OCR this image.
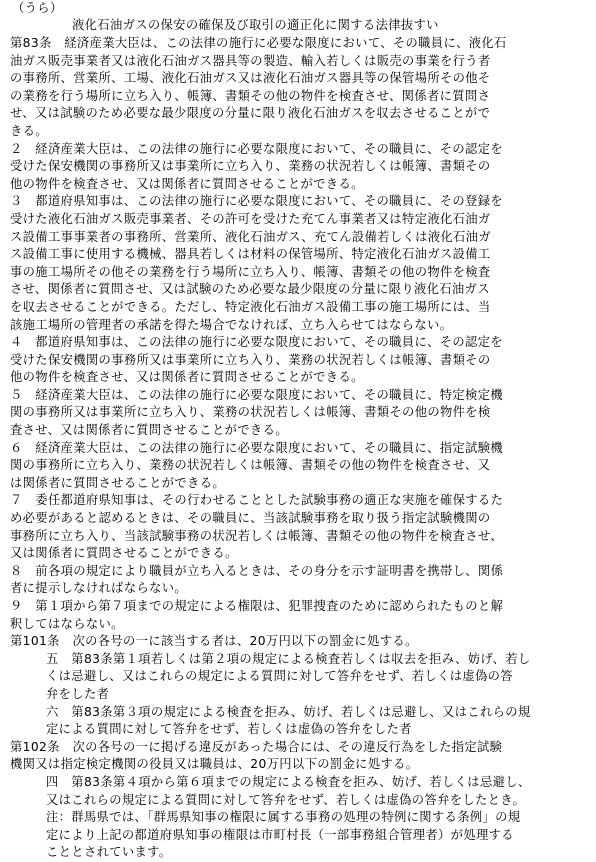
（うら）
液化石油ガスの保安の確保及び取引の適正化に関する法律抜すい
第83条　経済産業大臣は、この法律の施行に必要な限度において、その職員に、液化石
油ガス販売事業者又は液化石油ガス器具等の製造、輸入若しくは販売の事業を行う者
の事務所、営業所、工場、液化石油ガス又は液化石油ガス器具等の保管場所その他そ
の業務を行う場所に立ち入り、帳簿、書類その他の物件を検査させ、関係者に質問さ
せ、又は試験のため必要な最少限度の分量に限り液化石油ガスを収去させることがで
きる。
２　経済産業大臣は、この法律の施行に必要な限度において、その職員に、その認定を
受けた保安機関の事務所又は事業所に立ち入り、業務の状況若しくは帳簿、書類その
他の物件を検査させ、又は関係者に質問させることができる。
３　都道府県知事は、この法律の施行に必要な限度において、その職員に、その登録を
受けた液化石油ガス販売事業者、その許可を受けた充てん事業者又は特定液化石油ガ
ス設備工事事業者の事務所、営業所、液化石油ガス、充てん設備若しくは液化石油ガ
ス設備工事に使用する機械、器具若しくは材料の保管場所、特定液化石油ガス設備工
事の施工場所その他その業務を行う場所に立ち入り、帳簿、書類その他の物件を検査
させ、関係者に質問させ、又は試験のため必要な最少限度の分量に限り液化石油ガス
を収去させることができる。ただし、特定液化石油ガス設備工事の施工場所には、当
該施工場所の管理者の承諾を得た場合でなければ、立ち入らせてはならない。
４　都道府県知事は、この法律の施行に必要な限度において、その職員に、その認定を
受けた保安機関の事務所又は事業所に立ち入り、業務の状況若しくは帳簿、書類その
他の物件を検査させ、又は関係者に質問させることができる。
５　経済産業大臣は、この法律の施行に必要な限度において、その職員に、特定検定機
関の事務所又は事業所に立ち入り、業務の状況若しくは帳簿、書類その他の物件を検
査させ、又は関係者に質問させることができる。
６　経済産業大臣は、この法律の施行に必要な限度において、その職員に、指定試験機
関の事務所に立ち入り、業務の状況若しくは帳簿、書類その他の物件を検査させ、又
は関係者に質問させることができる。
７　委任都道府県知事は、その行わせることとした試験事務の適正な実施を確保するた
め必要があると認めるときは、その職員に、当該試験事務を取り扱う指定試験機関の
事務所に立ち入り、当該試験事務の状況若しくは帳簿、書類その他の物件を検査させ、
又は関係者に質問させることができる。
８　前各項の規定により職員が立ち入るときは、その身分を示す証明書を携帯し、関係
者に提示しなければならない。
９　第１項から第７項までの規定による権限は、犯罪捜査のために認められたものと解
釈してはならない。
第101条　次の各号の一に該当する者は、20万円以下の罰金に処する。
五　第83条第１項若しくは第２項の規定による検査若しくは収去を拒み、妨げ、若し
くは忌避し、又はこれらの規定による質問に対して答弁をせず、若しくは虚偽の答
弁をした者
六　第83条第３項の規定による検査を拒み、妨げ、若しくは忌避し、又はこれらの規
定による質問に対して答弁をせず、若しくは虚偽の答弁をした者
第102条　次の各号の一に掲げる違反があった場合には、その違反行為をした指定試験
機関又は指定検定機関の役員又は職員は、20万円以下の罰金に処する。
四　第83条第４項から第６項までの規定による検査を拒み、妨げ、若しくは忌避し、
又はこれらの規定による質問に対して答弁をせず、若しくは虚偽の答弁をしたとき。
注：群馬県では、「群馬県知事の権限に属する事務の処理の特例に関する条例」の規
定により上記の都道府県知事の権限は市町村長（一部事務組合管理者）が処理する
こととされています。
